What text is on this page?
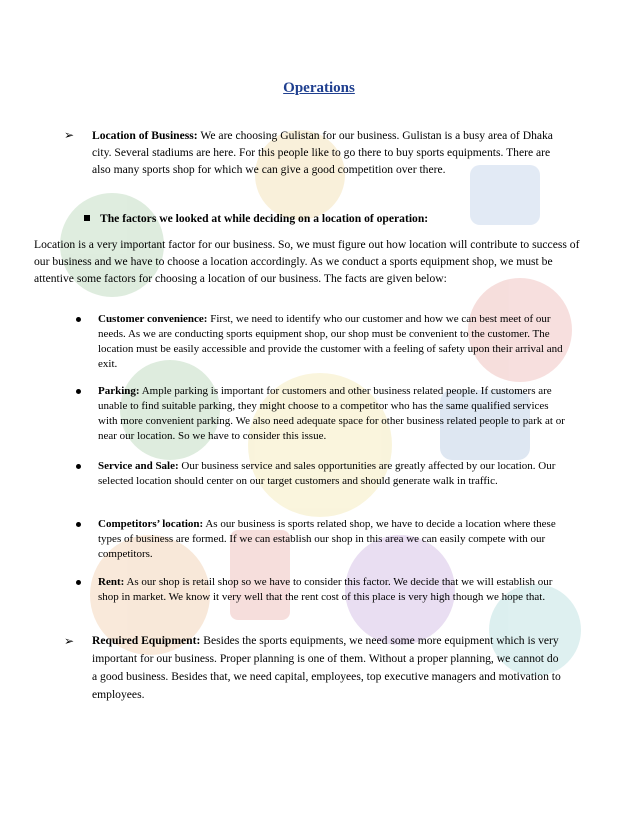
Operations
➢ Location of Business: We are choosing Gulistan for our business. Gulistan is a busy area of Dhaka city. Several stadiums are here. For this people like to go there to buy sports equipments. There are also many sports shop for which we can give a good competition over there.
The factors we looked at while deciding on a location of operation:
Location is a very important factor for our business. So, we must figure out how location will contribute to success of our business and we have to choose a location accordingly. As we conduct a sports equipment shop, we must be attentive some factors for choosing a location of our business. The facts are given below:
Customer convenience: First, we need to identify who our customer and how we can best meet of our needs. As we are conducting sports equipment shop, our shop must be convenient to the customer. The location must be easily accessible and provide the customer with a feeling of safety upon their arrival and exit.
Parking: Ample parking is important for customers and other business related people. If customers are unable to find suitable parking, they might choose to a competitor who has the same qualified services with more convenient parking. We also need adequate space for other business related people to park at or near our location. So we have to consider this issue.
Service and Sale: Our business service and sales opportunities are greatly affected by our location. Our selected location should center on our target customers and should generate walk in traffic.
Competitors’ location: As our business is sports related shop, we have to decide a location where these types of business are formed. If we can establish our shop in this area we can easily compete with our competitors.
Rent: As our shop is retail shop so we have to consider this factor. We decide that we will establish our shop in market. We know it very well that the rent cost of this place is very high though we hope that.
➢ Required Equipment: Besides the sports equipments, we need some more equipment which is very important for our business. Proper planning is one of them. Without a proper planning, we cannot do a good business. Besides that, we need capital, employees, top executive managers and motivation to employees.
